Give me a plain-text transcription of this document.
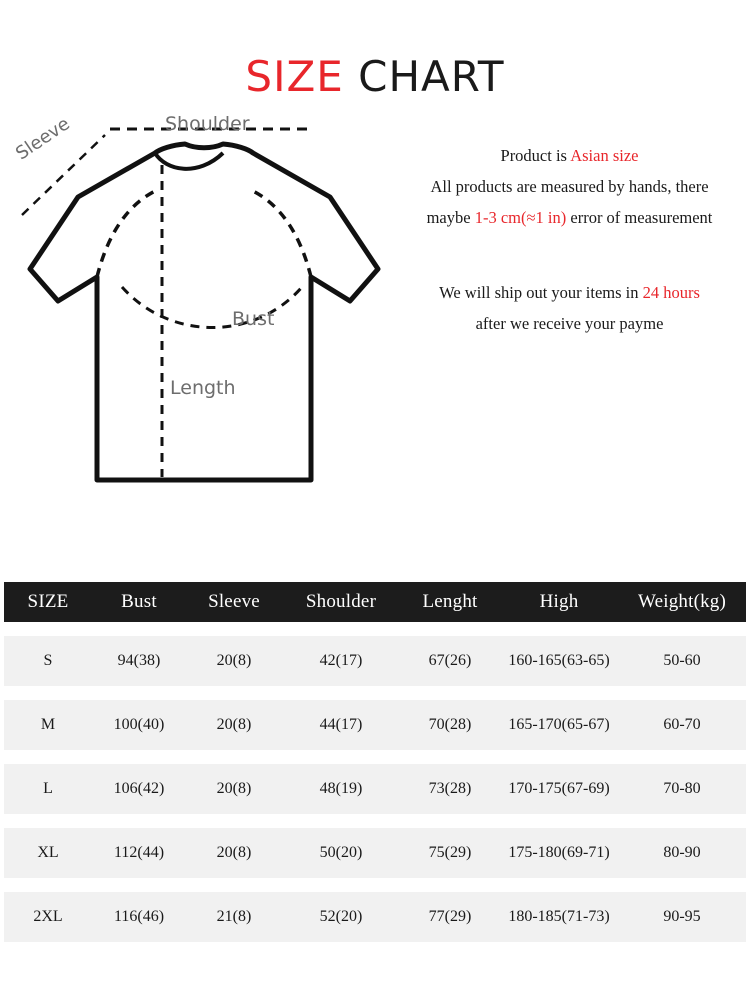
SIZE CHART
Shoulder
Sleeve
Bust
Length
Product is Asian size
All products are measured by hands, there
maybe 1-3 cm(≈1 in) error of measurement
We will ship out your items in 24 hours
after we receive your payme
SIZE	Bust	Sleeve	Shoulder	Lenght	High	Weight(kg)

S	94(38)	20(8)	42(17)	67(26)	160-165(63-65)	50-60

M	100(40)	20(8)	44(17)	70(28)	165-170(65-67)	60-70

L	106(42)	20(8)	48(19)	73(28)	170-175(67-69)	70-80

XL	112(44)	20(8)	50(20)	75(29)	175-180(69-71)	80-90

2XL	116(46)	21(8)	52(20)	77(29)	180-185(71-73)	90-95
